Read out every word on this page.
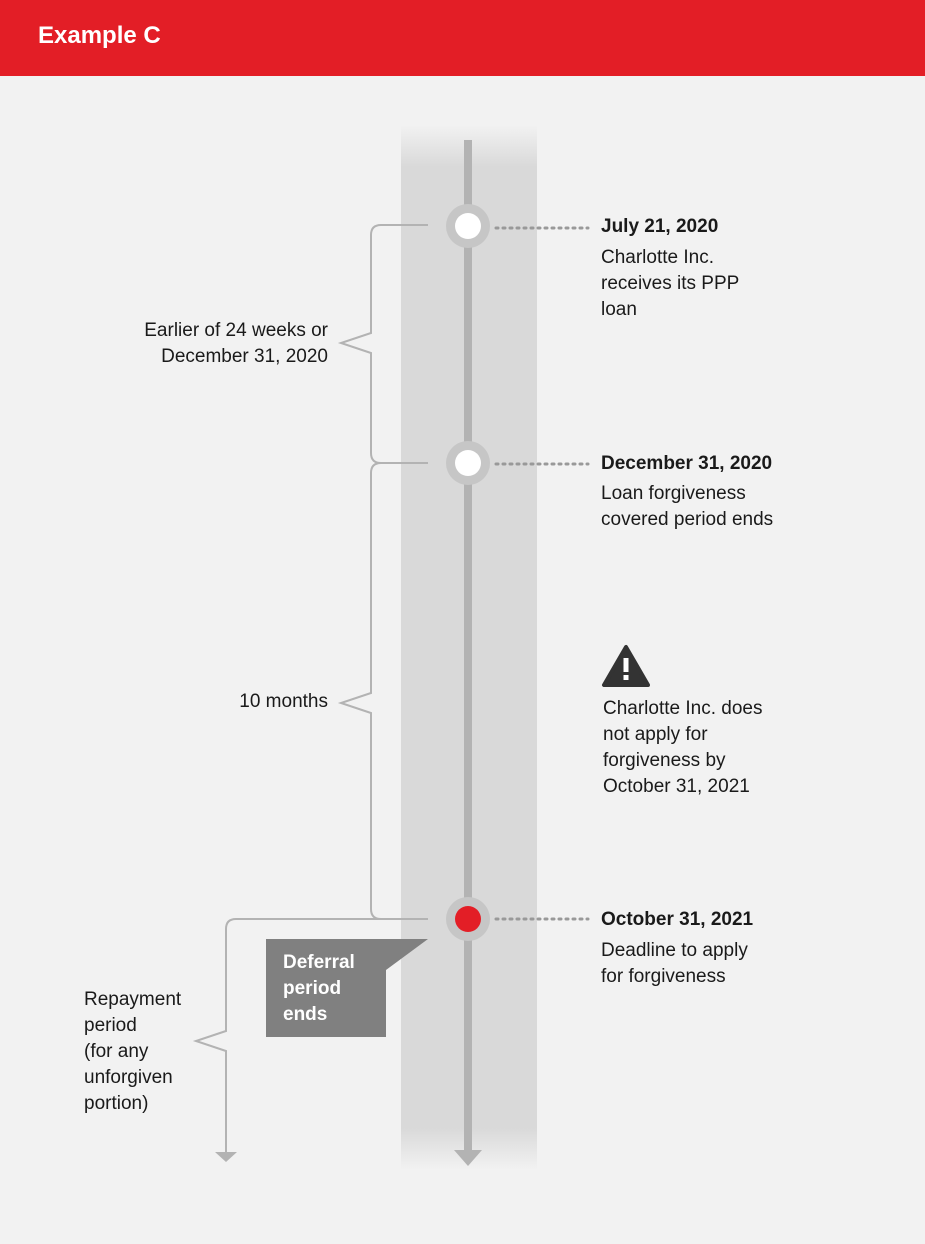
Example C
July 21, 2020
Charlotte Inc.
receives its PPP
loan
December 31, 2020
Loan forgiveness
covered period ends
Charlotte Inc. does
not apply for
forgiveness by
October 31, 2021
October 31, 2021
Deadline to apply
for forgiveness
Earlier of 24 weeks or
December 31, 2020
10 months
Repayment
period
(for any
unforgiven
portion)
Deferral
period
ends
